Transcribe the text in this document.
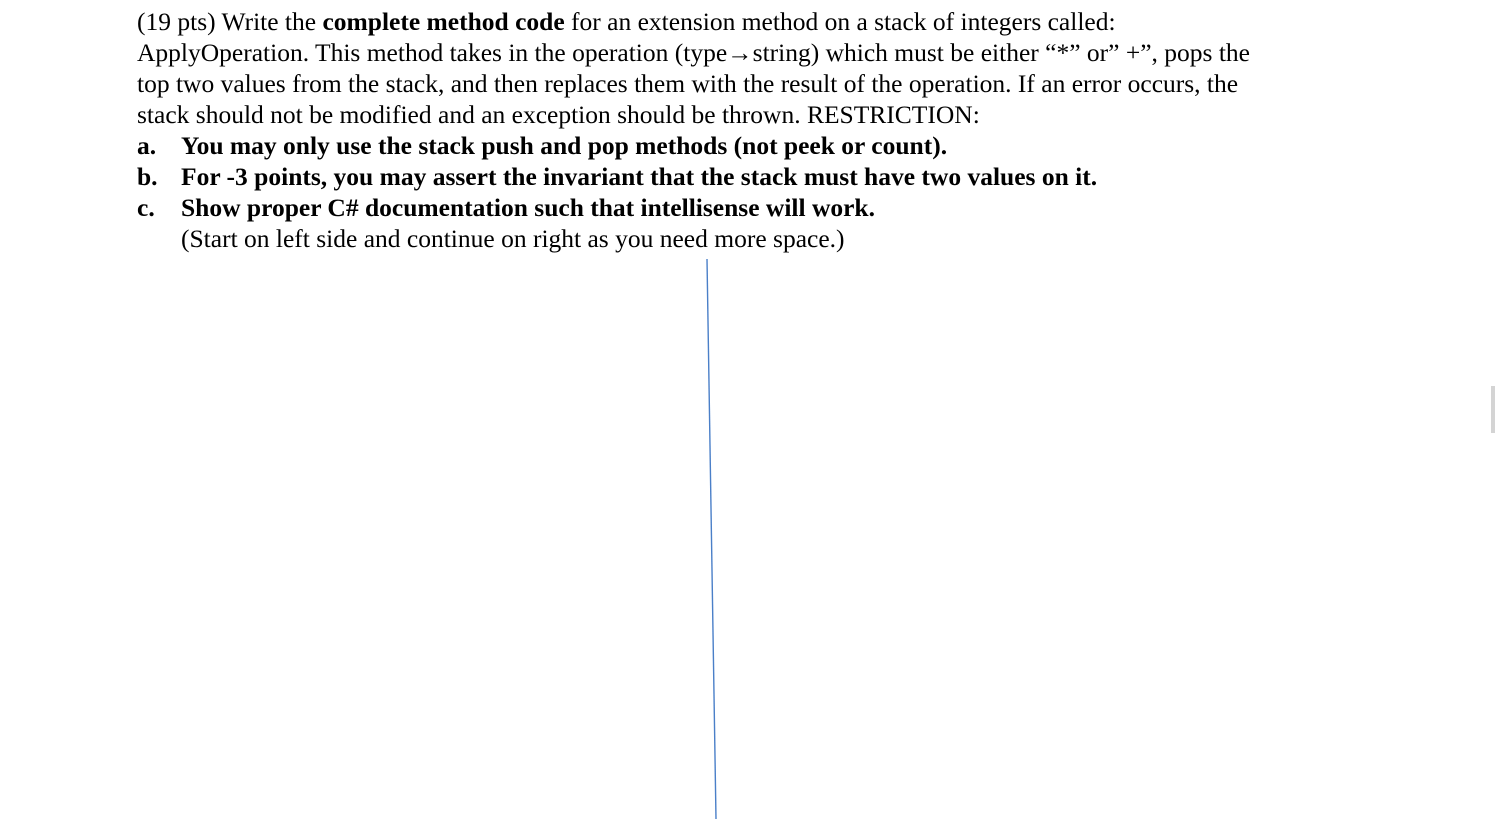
(19 pts) Write the complete method code for an extension method on a stack of integers called:
ApplyOperation. This method takes in the operation (type→string) which must be either “*” or” +”, pops the
top two values from the stack, and then replaces them with the result of the operation. If an error occurs, the
stack should not be modified and an exception should be thrown. RESTRICTION:
a. You may only use the stack push and pop methods (not peek or count).
b. For -3 points, you may assert the invariant that the stack must have two values on it.
c.	Show proper C# documentation such that intellisense will work.
(Start on left side and continue on right as you need more space.)
